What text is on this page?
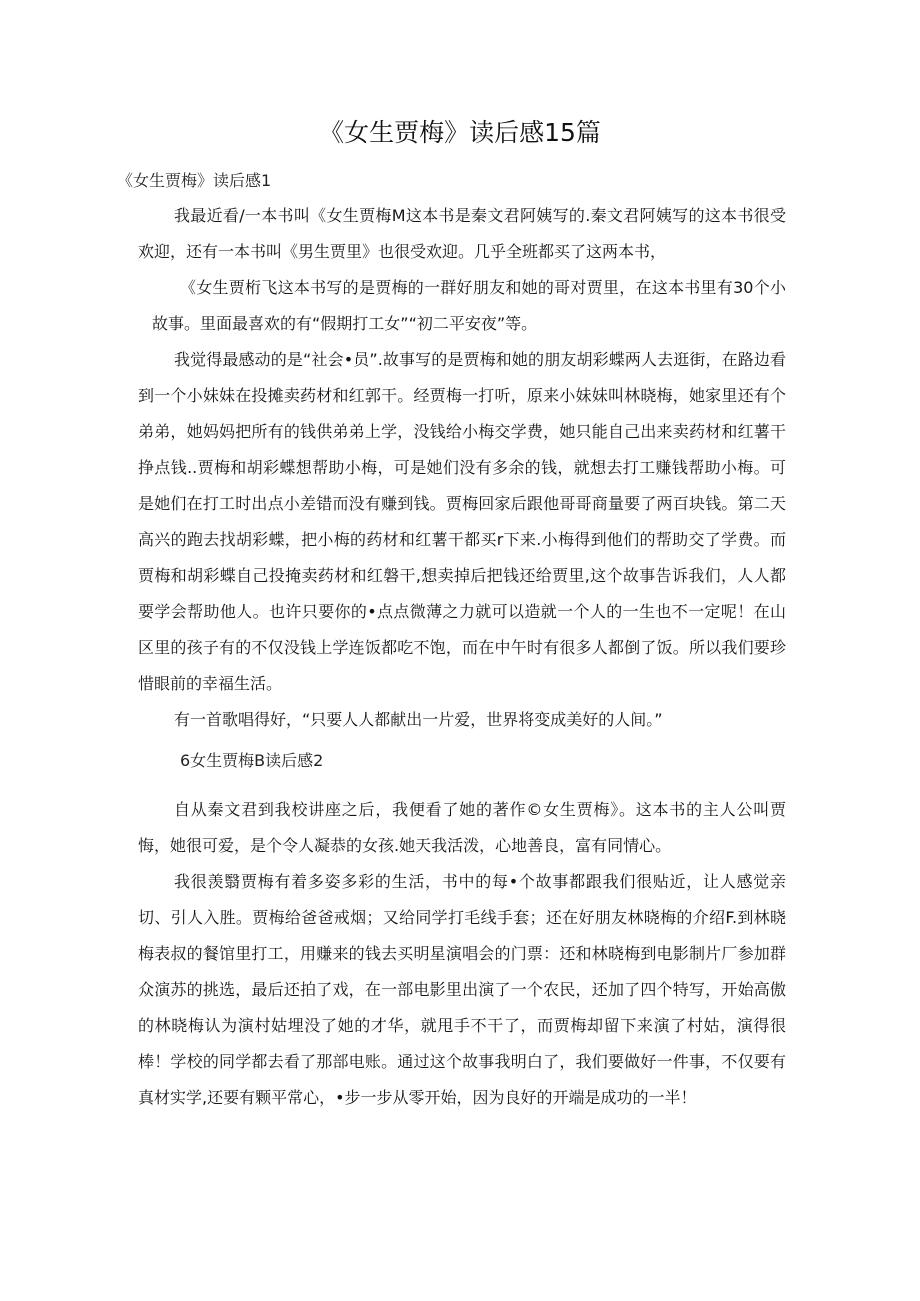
《女生贾梅》读后感15篇
《女生贾梅》读后感1
我最近看/一本书叫《女生贾梅M这本书是秦文君阿姨写的.秦文君阿姨写的这本书很受欢迎，还有一本书叫《男生贾里》也很受欢迎。几乎全班都买了这两本书，
《女生贾桁飞这本书写的是贾梅的一群好朋友和她的哥对贾里，在这本书里有30个小故事。里面最喜欢的有“假期打工女”“初二平安夜”等。
我觉得最感动的是“社会•员”.故事写的是贾梅和她的朋友胡彩蝶两人去逛街，在路边看到一个小妹妹在投摊卖药材和红郭干。经贾梅一打听，原来小妹妹叫林晓梅，她家里还有个弟弟，她妈妈把所有的钱供弟弟上学，没钱给小梅交学费，她只能自己出来卖药材和红薯干挣点钱..贾梅和胡彩蝶想帮助小梅，可是她们没有多余的钱，就想去打工赚钱帮助小梅。可是她们在打工时出点小差错而没有赚到钱。贾梅回家后跟他哥哥商量要了两百块钱。第二天高兴的跑去找胡彩蝶，把小梅的药材和红薯干都买r下来.小梅得到他们的帮助交了学费。而贾梅和胡彩蝶自己投掩卖药材和红磐干,想卖掉后把钱还给贾里,这个故事告诉我们，人人都要学会帮助他人。也许只要你的•点点微薄之力就可以造就一个人的一生也不一定呢！在山区里的孩子有的不仅没钱上学连饭都吃不饱，而在中午时有很多人都倒了饭。所以我们要珍惜眼前的幸福生活。
有一首歌唱得好，“只要人人都献出一片爱，世界将变成美好的人间。”
6女生贾梅B读后感2
自从秦文君到我校讲座之后，我便看了她的著作©女生贾梅》。这本书的主人公叫贾悔，她很可爱，是个令人凝恭的女孩.她天我活泼，心地善良，富有同情心。
我很羡翳贾梅有着多姿多彩的生活，书中的每•个故事都跟我们很贴近，让人感觉亲切、引人入胜。贾梅给爸爸戒烟；又给同学打毛线手套；还在好朋友林晓梅的介绍F.到林晓梅表叔的餐馆里打工，用赚来的钱去买明星演唱会的门票：还和林晓梅到电影制片厂参加群众演苏的挑选，最后还拍了戏，在一部电影里出演了一个农民，还加了四个特写，开始高傲的林晓梅认为演村姑埋没了她的才华，就甩手不干了，而贾梅却留下来演了村姑，演得很棒！学校的同学都去看了那部电账。通过这个故事我明白了，我们要做好一件事，不仅要有真材实学,还要有颗平常心，•步一步从零开始，因为良好的开端是成功的一半！
